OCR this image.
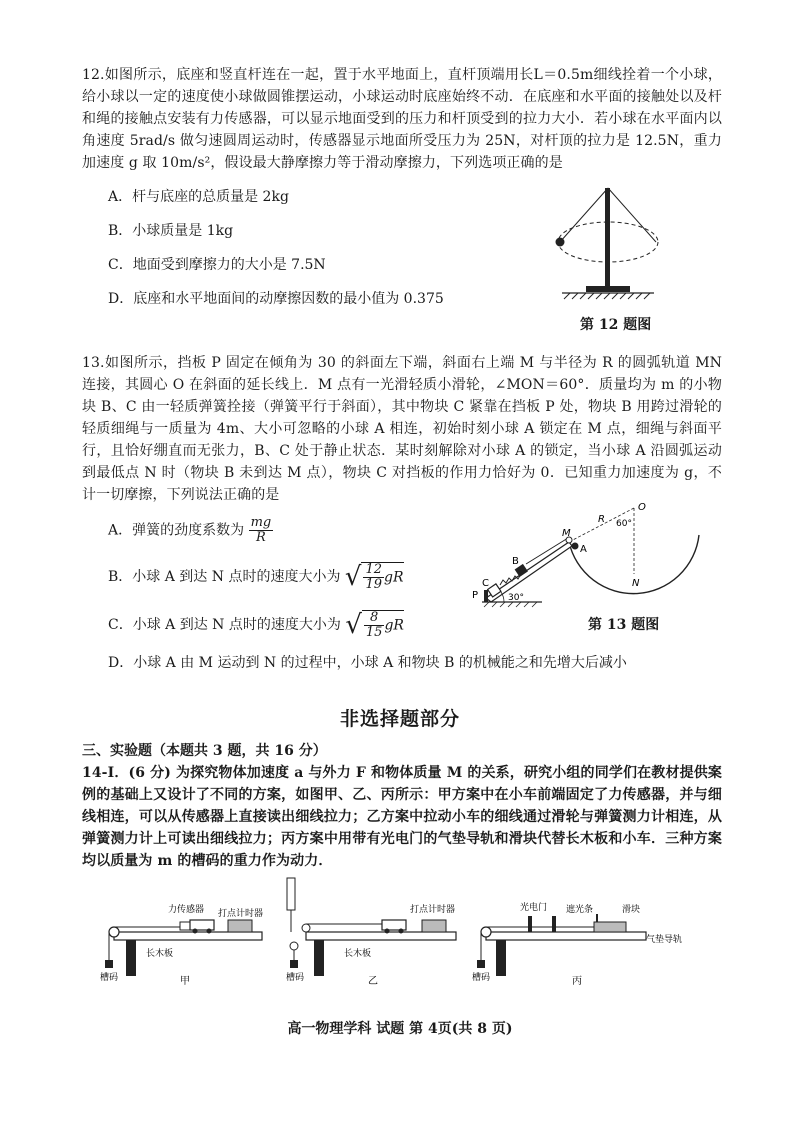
12.如图所示，底座和竖直杆连在一起，置于水平地面上，直杆顶端用长L＝0.5m细线拴着一个小球，给小球以一定的速度使小球做圆锥摆运动，小球运动时底座始终不动．在底座和水平面的接触处以及杆和绳的接触点安装有力传感器，可以显示地面受到的压力和杆顶受到的拉力大小．若小球在水平面内以角速度 5rad/s 做匀速圆周运动时，传感器显示地面所受压力为 25N，对杆顶的拉力是 12.5N，重力加速度 g 取 10m/s²，假设最大静摩擦力等于滑动摩擦力，下列选项正确的是
A．杆与底座的总质量是 2kg
B．小球质量是 1kg
C．地面受到摩擦力的大小是 7.5N
D．底座和水平地面间的动摩擦因数的最小值为 0.375
第 12 题图
13.如图所示，挡板 P 固定在倾角为 30 的斜面左下端，斜面右上端 M 与半径为 R 的圆弧轨道 MN 连接，其圆心 O 在斜面的延长线上．M 点有一光滑轻质小滑轮，∠MON＝60°．质量均为 m 的小物块 B、C 由一轻质弹簧拴接（弹簧平行于斜面），其中物块 C 紧靠在挡板 P 处，物块 B 用跨过滑轮的轻质细绳与一质量为 4m、大小可忽略的小球 A 相连，初始时刻小球 A 锁定在 M 点，细绳与斜面平行，且恰好绷直而无张力，B、C 处于静止状态．某时刻解除对小球 A 的锁定，当小球 A 沿圆弧运动到最低点 N 时（物块 B 未到达 M 点），物块 C 对挡板的作用力恰好为 0．已知重力加速度为 g，不计一切摩擦，下列说法正确的是
A．弹簧的劲度系数为 $\frac{mg}{R}$
B．小球 A 到达 N 点时的速度大小为 √ $\frac{12}{19}$ gR
C．小球 A 到达 N 点时的速度大小为 √ $\frac{8}{15}$ gR
D．小球 A 由 M 运动到 N 的过程中，小球 A 和物块 B 的机械能之和先增大后减小
M
A
R
O
60°
N
B
C
P	30°
第 13 题图
非选择题部分
三、实验题（本题共 3 题，共 16 分）
14-Ⅰ．(6 分) 为探究物体加速度 a 与外力 F 和物体质量 M 的关系，研究小组的同学们在教材提供案例的基础上又设计了不同的方案，如图甲、乙、丙所示：甲方案中在小车前端固定了力传感器，并与细线相连，可以从传感器上直接读出细线拉力；乙方案中拉动小车的细线通过滑轮与弹簧测力计相连，从弹簧测力计上可读出细线拉力；丙方案中用带有光电门的气垫导轨和滑块代替长木板和小车．三种方案均以质量为 m 的槽码的重力作为动力．
力传感器 打点计时器
长木板
槽码	甲
打点计时器
长木板
槽码	乙
光电门 遮光条	滑块
气垫导轨
槽码	丙
高一物理学科 试题 第 4页(共 8 页)
